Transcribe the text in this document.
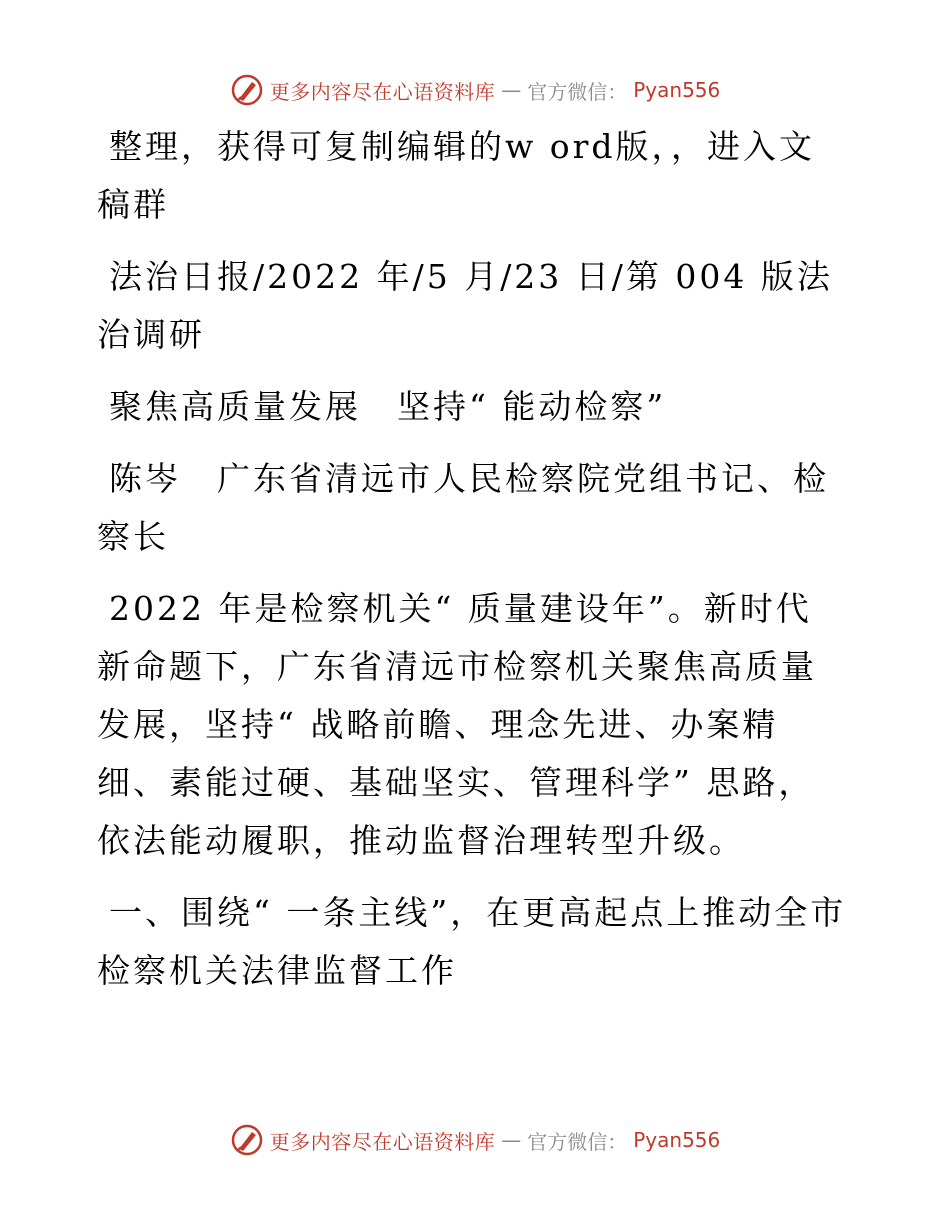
更多内容尽在心语资料库 — 官方微信： Pyan556

整理，获得可复制编辑的w ord版，，进入文稿群

法治日报/2022 年/5 月/23 日/第 004 版法治调研

聚焦高质量发展　坚持“ 能动检察”

陈岑　广东省清远市人民检察院党组书记、检察长

2022 年是检察机关“ 质量建设年”。新时代新命题下，广东省清远市检察机关聚焦高质量发展，坚持“ 战略前瞻、理念先进、办案精细、素能过硬、基础坚实、管理科学” 思路，依法能动履职，推动监督治理转型升级。

一、围绕“ 一条主线”，在更高起点上推动全市检察机关法律监督工作

更多内容尽在心语资料库 — 官方微信： Pyan556
